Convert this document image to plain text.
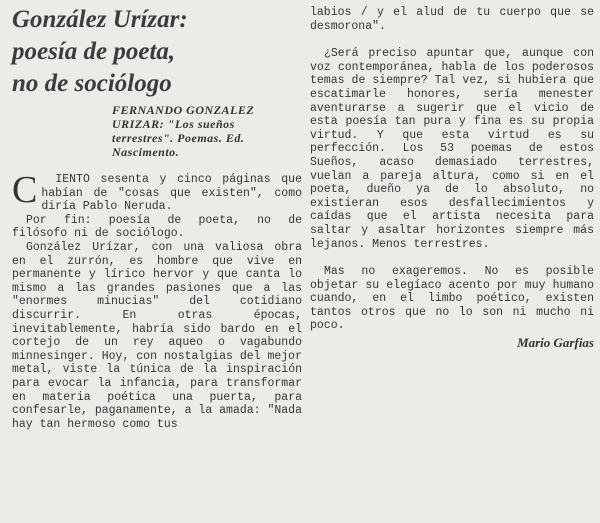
González Urízar:
poesía de poeta,
no de sociólogo
FERNANDO GONZALEZ URIZAR: "Los sueños terrestres". Poemas. Ed. Nascimento.

C IENTO sesenta y cinco páginas que habían de "cosas que existen", como diría Pablo Neruda.

Por fin: poesía de poeta, no de filósofo ni de sociólogo.

González Urízar, con una valiosa obra en el zurrón, es hombre que vive en permanente y lírico hervor y que canta lo mismo a las grandes pasiones que a las "enormes minucias" del cotidiano discurrir. En otras épocas, inevitablemente, habría sido bardo en el cortejo de un rey aqueo o vagabundo minnesinger. Hoy, con nostalgias del mejor metal, viste la túnica de la inspiración para evocar la infancia, para transformar en materia poética una puerta, para confesarle, paganamente, a la amada: "Nada hay tan hermoso como tus

labios / y el alud de tu cuerpo que se desmorona".

¿Será preciso apuntar que, aunque con voz contemporánea, habla de los poderosos temas de siempre? Tal vez, si hubiera que escatimarle honores, sería menester aventurarse a sugerir que el vicio de esta poesía tan pura y fina es su propia virtud. Y que esta virtud es su perfección. Los 53 poemas de estos Sueños, acaso demasiado terrestres, vuelan a pareja altura, como si en el poeta, dueño ya de lo absoluto, no existieran esos desfallecimientos y caídas que el artista necesita para saltar y asaltar horizontes siempre más lejanos. Menos terrestres.

Mas no exageremos. No es posible objetar su elegíaco acento por muy humano cuando, en el limbo poético, existen tantos otros que no lo son ni mucho ni poco.

Mario Garfias
